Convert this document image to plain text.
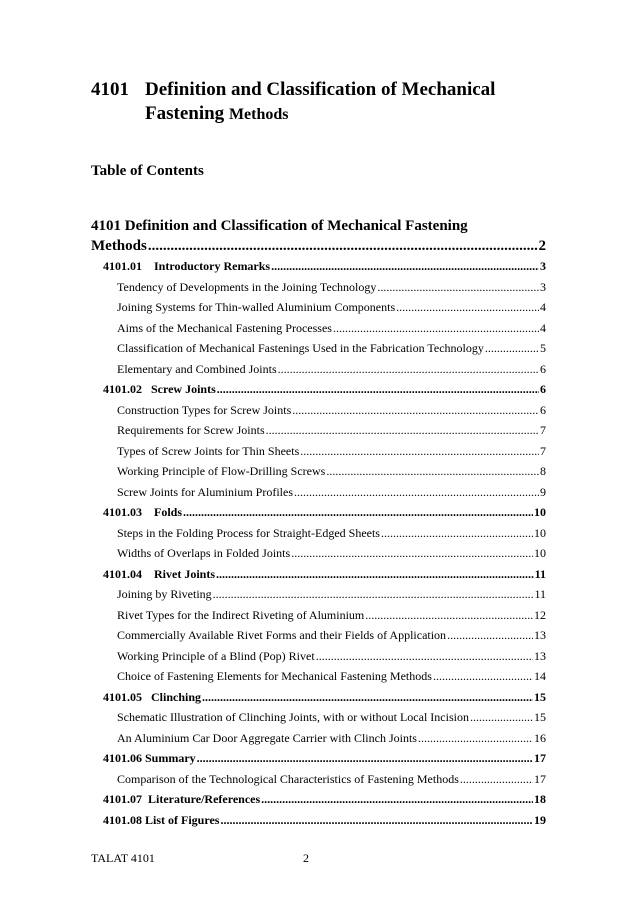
4101 Definition and Classification of Mechanical
Fastening Methods
Table of Contents
4101 Definition and Classification of Mechanical Fastening
Methods .....	2
4101.01    Introductory Remarks .....	3
Tendency of Developments in the Joining Technology .....	3
Joining Systems for Thin-walled Aluminium Components .....	4
Aims of the Mechanical Fastening Processes .....	4
Classification of Mechanical Fastenings Used in the Fabrication Technology .....	5
Elementary and Combined Joints .....	6
4101.02   Screw Joints .....	6
Construction Types for Screw Joints .....	6
Requirements for Screw Joints .....	7
Types of Screw Joints for Thin Sheets .....	7
Working Principle of Flow-Drilling Screws .....	8
Screw Joints for Aluminium Profiles .....	9
4101.03    Folds .....	10
Steps in the Folding Process for Straight-Edged Sheets .....	10
Widths of Overlaps in Folded Joints .....	10
4101.04    Rivet Joints .....	11
Joining by Riveting .....	11
Rivet Types for the Indirect Riveting of Aluminium .....	12
Commercially Available Rivet Forms and their Fields of Application .....	13
Working Principle of a Blind (Pop) Rivet .....	13
Choice of Fastening Elements for Mechanical Fastening Methods .....	14
4101.05   Clinching .....	15
Schematic Illustration of Clinching Joints, with or without Local Incision .....	15
An Aluminium Car Door Aggregate Carrier with Clinch Joints .....	16
4101.06 Summary .....	17
Comparison of the Technological Characteristics of Fastening Methods .....	17
4101.07  Literature/References .....	18
4101.08 List of Figures .....	19
TALAT 4101	2
